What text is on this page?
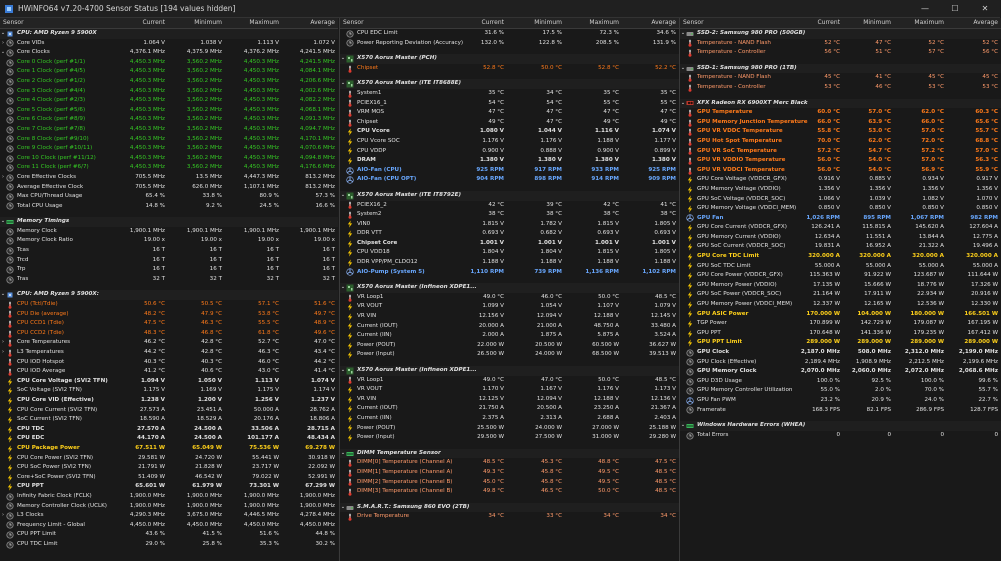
HWiNFO64 v7.20-4700 Sensor Status [194 values hidden]	—	☐	✕
Sensor	Current	Minimum	Maximum	Average
⌄ CPU: AMD Ryzen 9 5900X
›	Core VIDs	1.064 V	1.038 V	1.113 V	1.072 V
⌄ Core Clocks	4,376.1 MHz	4,375.9 MHz	4,376.2 MHz	4,241.5 MHz
Core 0 Clock (perf #1/1)	4,450.3 MHz	3,560.2 MHz	4,450.3 MHz	4,241.5 MHz
Core 1 Clock (perf #4/5)	4,450.3 MHz	3,560.2 MHz	4,450.3 MHz	4,084.1 MHz
Core 2 Clock (perf #1/2)	4,450.3 MHz	3,560.2 MHz	4,450.3 MHz	4,206.6 MHz
Core 3 Clock (perf #4/4)	4,450.3 MHz	3,560.2 MHz	4,450.3 MHz	4,002.6 MHz
Core 4 Clock (perf #2/3)	4,450.3 MHz	3,560.2 MHz	4,450.3 MHz	4,082.2 MHz
Core 5 Clock (perf #5/6)	4,450.3 MHz	3,560.2 MHz	4,450.3 MHz	4,068.1 MHz
Core 6 Clock (perf #8/9)	4,450.3 MHz	3,560.2 MHz	4,450.3 MHz	4,091.3 MHz
Core 7 Clock (perf #7/8)	4,450.3 MHz	3,560.2 MHz	4,450.3 MHz	4,094.7 MHz
Core 8 Clock (perf #9/10)	4,450.3 MHz	3,560.2 MHz	4,450.3 MHz	4,170.1 MHz
Core 9 Clock (perf #10/11)	4,450.3 MHz	3,560.2 MHz	4,450.3 MHz	4,070.6 MHz
Core 10 Clock (perf #11/12)	4,450.3 MHz	3,560.2 MHz	4,450.3 MHz	4,094.8 MHz
Core 11 Clock (perf #6/7)	4,450.3 MHz	3,560.2 MHz	4,450.3 MHz	4,176.6 MHz
›	Core Effective Clocks	705.5 MHz	13.5 MHz	4,447.3 MHz	813.2 MHz
Average Effective Clock	705.5 MHz	626.0 MHz	1,107.1 MHz	813.2 MHz
Max CPU/Thread Usage	65.4 %	33.8 %	80.9 %	57.3 %
Total CPU Usage	14.8 %	9.2 %	24.5 %	16.6 %
⌄ Memory Timings
Memory Clock	1,900.1 MHz	1,900.1 MHz	1,900.1 MHz	1,900.1 MHz
Memory Clock Ratio	19.00 x	19.00 x	19.00 x	19.00 x
Tcas	16 T	16 T	16 T	16 T
Trcd	16 T	16 T	16 T	16 T
Trp	16 T	16 T	16 T	16 T
Tras	32 T	32 T	32 T	32 T
⌄ CPU: AMD Ryzen 9 5900X:
CPU (Tctl/Tdie)	50.6 °C	50.5 °C	57.1 °C	51.6 °C
CPU Die (average)	48.2 °C	47.9 °C	53.8 °C	49.7 °C
CPU CCD1 (Tdie)	47.5 °C	46.3 °C	55.5 °C	48.9 °C
CPU CCD2 (Tdie)	48.3 °C	46.8 °C	61.8 °C	49.6 °C
›	Core Temperatures	46.2 °C	42.8 °C	52.7 °C	47.0 °C
›	L3 Temperatures	44.2 °C	42.8 °C	46.3 °C	43.4 °C
CPU IOD Hotspot	40.3 °C	40.3 °C	46.0 °C	44.2 °C
CPU IOD Average	41.2 °C	40.6 °C	43.0 °C	41.4 °C
CPU Core Voltage (SVI2 TFN)	1.094 V	1.050 V	1.113 V	1.074 V
SoC Voltage (SVI2 TFN)	1.175 V	1.169 V	1.175 V	1.174 V
CPU Core VID (Effective)	1.238 V	1.200 V	1.256 V	1.237 V
CPU Core Current (SVI2 TFN)	27.573 A	23.451 A	50.000 A	28.762 A
SoC Current (SVI2 TFN)	18.590 A	18.529 A	20.176 A	18.806 A
CPU TDC	27.570 A	24.500 A	33.506 A	28.715 A
CPU EDC	44.170 A	24.500 A	101.177 A	48.434 A
CPU Package Power	67.511 W	65.049 W	75.536 W	69.278 W
CPU Core Power (SVI2 TFN)	29.581 W	24.720 W	55.441 W	30.918 W
CPU SoC Power (SVI2 TFN)	21.791 W	21.828 W	23.717 W	22.092 W
Core+SoC Power (SVI2 TFN)	51.409 W	46.542 W	79.022 W	52.991 W
CPU PPT	65.601 W	61.979 W	73.301 W	67.299 W
Infinity Fabric Clock (FCLK)	1,900.0 MHz	1,900.0 MHz	1,900.0 MHz	1,900.0 MHz
Memory Controller Clock (UCLK)	1,900.0 MHz	1,900.0 MHz	1,900.0 MHz	1,900.0 MHz
›	L3 Clocks	4,290.3 MHz	3,675.0 MHz	4,446.5 MHz	4,278.4 MHz
Frequency Limit - Global	4,450.0 MHz	4,450.0 MHz	4,450.0 MHz	4,450.0 MHz
CPU PPT Limit	43.6 %	41.5 %	51.6 %	44.8 %
CPU TDC Limit	29.0 %	25.8 %	35.3 %	30.2 %
Sensor	Current	Minimum	Maximum	Average
CPU EDC Limit	31.6 %	17.5 %	72.3 %	34.6 %
Power Reporting Deviation (Accuracy)	132.0 %	122.8 %	208.5 %	131.9 %
⌄ X570 Aorus Master (PCH)
Chipset	52.8 °C	50.0 °C	52.8 °C	52.2 °C
⌄ X570 Aorus Master (ITE IT8688E)
System1	35 °C	34 °C	35 °C	35 °C
PCIEX16_1	54 °C	54 °C	55 °C	55 °C
VRM MOS	47 °C	47 °C	47 °C	47 °C
Chipset	49 °C	47 °C	49 °C	49 °C
CPU Vcore	1.080 V	1.044 V	1.116 V	1.074 V
CPU Vcore SOC	1.176 V	1.176 V	1.188 V	1.177 V
CPU VDDP	0.900 V	0.888 V	0.900 V	0.899 V
DRAM	1.380 V	1.380 V	1.380 V	1.380 V
AIO-Fan (CPU)	925 RPM	917 RPM	933 RPM	925 RPM
AIO-Fan (CPU OPT)	904 RPM	898 RPM	914 RPM	909 RPM
⌄ X570 Aorus Master (ITE IT8792E)
PCIEX16_2	42 °C	39 °C	42 °C	41 °C
System2	38 °C	38 °C	38 °C	38 °C
VIN0	1.815 V	1.782 V	1.815 V	1.805 V
DDR VTT	0.693 V	0.682 V	0.693 V	0.693 V
Chipset Core	1.001 V	1.001 V	1.001 V	1.001 V
CPU VDD18	1.804 V	1.804 V	1.815 V	1.805 V
DDR VPP/PM_CLDO12	1.188 V	1.188 V	1.188 V	1.188 V
AIO-Pump (System 5)	1,110 RPM	739 RPM	1,136 RPM	1,102 RPM
⌄ X570 Aorus Master (Infineon XDPE1...
VR Loop1	49.0 °C	46.0 °C	50.0 °C	48.5 °C
VR VOUT	1.099 V	1.054 V	1.107 V	1.079 V
VR VIN	12.156 V	12.094 V	12.188 V	12.145 V
Current (IOUT)	20.000 A	21.000 A	48.750 A	33.480 A
Current (IIN)	2.000 A	1.875 A	5.875 A	3.524 A
Power (POUT)	22.000 W	20.500 W	60.500 W	36.627 W
Power (Input)	26.500 W	24.000 W	68.500 W	39.513 W
⌄ X570 Aorus Master (Infineon XDPE1...
VR Loop1	49.0 °C	47.0 °C	50.0 °C	48.5 °C
VR VOUT	1.170 V	1.167 V	1.176 V	1.173 V
VR VIN	12.125 V	12.094 V	12.188 V	12.136 V
Current (IOUT)	21.750 A	20.500 A	23.250 A	21.367 A
Current (IIN)	2.375 A	2.313 A	2.688 A	2.403 A
Power (POUT)	25.500 W	24.000 W	27.000 W	25.188 W
Power (Input)	29.500 W	27.500 W	31.000 W	29.280 W
⌄ DIMM Temperature Sensor
DIMM[0] Temperature (Channel A)	48.5 °C	45.3 °C	48.8 °C	47.5 °C
DIMM[1] Temperature (Channel A)	49.3 °C	45.8 °C	49.5 °C	48.5 °C
DIMM[2] Temperature (Channel B)	45.0 °C	45.8 °C	49.5 °C	48.5 °C
DIMM[3] Temperature (Channel B)	49.8 °C	46.5 °C	50.0 °C	48.5 °C
⌄ S.M.A.R.T.: Samsung 860 EVO (2TB)
Drive Temperature	34 °C	33 °C	34 °C	34 °C
Sensor	Current	Minimum	Maximum	Average
⌄ SSD-2: Samsung 980 PRO (500GB)
Temperature - NAND Flash	52 °C	47 °C	52 °C	52 °C
Temperature - Controller	56 °C	51 °C	57 °C	56 °C
⌄ SSD-1: Samsung 980 PRO (1TB)
Temperature - NAND Flash	45 °C	41 °C	45 °C	45 °C
Temperature - Controller	53 °C	46 °C	53 °C	53 °C
⌄ XFX Radeon RX 6900XT Merc Black
GPU Temperature	60.0 °C	57.0 °C	62.0 °C	60.3 °C
GPU Memory Junction Temperature	66.0 °C	63.9 °C	66.0 °C	65.6 °C
GPU VR VDDC Temperature	55.8 °C	53.0 °C	57.0 °C	55.7 °C
GPU Hot Spot Temperature	70.0 °C	62.0 °C	72.0 °C	68.8 °C
GPU VR SoC Temperature	57.2 °C	54.7 °C	57.2 °C	57.0 °C
GPU VR VDDIO Temperature	56.0 °C	54.0 °C	57.0 °C	56.3 °C
GPU VR VDDCI Temperature	56.0 °C	54.0 °C	56.9 °C	55.9 °C
GPU Core Voltage (VDDCR_GFX)	0.916 V	0.885 V	0.934 V	0.917 V
GPU Memory Voltage (VDDIO)	1.356 V	1.356 V	1.356 V	1.356 V
GPU SoC Voltage (VDDCR_SOC)	1.066 V	1.039 V	1.082 V	1.070 V
GPU Memory Voltage (VDDCI_MEM)	0.850 V	0.850 V	0.850 V	0.850 V
GPU Fan	1,026 RPM	895 RPM	1,067 RPM	982 RPM
GPU Core Current (VDDCR_GFX)	126.241 A	115.815 A	145.620 A	127.604 A
GPU Memory Current (VDDIO)	12.634 A	11.551 A	13.844 A	12.775 A
GPU SoC Current (VDDCR_SOC)	19.831 A	16.952 A	21.322 A	19.496 A
GPU Core TDC Limit	320.000 A	320.000 A	320.000 A	320.000 A
GPU SoC TDC Limit	55.000 A	55.000 A	55.000 A	55.000 A
GPU Core Power (VDDCR_GFX)	115.363 W	91.922 W	123.687 W	111.644 W
GPU Memory Power (VDDIO)	17.135 W	15.666 W	18.776 W	17.326 W
GPU SoC Power (VDDCR_SOC)	21.164 W	17.911 W	22.934 W	20.916 W
GPU Memory Power (VDDCI_MEM)	12.337 W	12.165 W	12.536 W	12.330 W
GPU ASIC Power	170.000 W	104.000 W	180.000 W	166.501 W
TGP Power	170.899 W	142.729 W	179.087 W	167.195 W
GPU PPT	170.648 W	141.336 W	179.235 W	167.412 W
GPU PPT Limit	289.000 W	289.000 W	289.000 W	289.000 W
GPU Clock	2,187.0 MHz	508.0 MHz	2,312.0 MHz	2,199.0 MHz
GPU Clock (Effective)	2,189.4 MHz	1,908.9 MHz	2,212.5 MHz	2,199.6 MHz
GPU Memory Clock	2,070.0 MHz	2,060.0 MHz	2,072.0 MHz	2,068.6 MHz
GPU D3D Usage	100.0 %	92.5 %	100.0 %	99.6 %
GPU Memory Controller Utilization	55.0 %	2.0 %	70.0 %	55.7 %
GPU Fan PWM	23.2 %	20.9 %	24.0 %	22.7 %
Framerate	168.3 FPS	82.1 FPS	286.9 FPS	128.7 FPS
⌄ Windows Hardware Errors (WHEA)
Total Errors	0	0	0	0
